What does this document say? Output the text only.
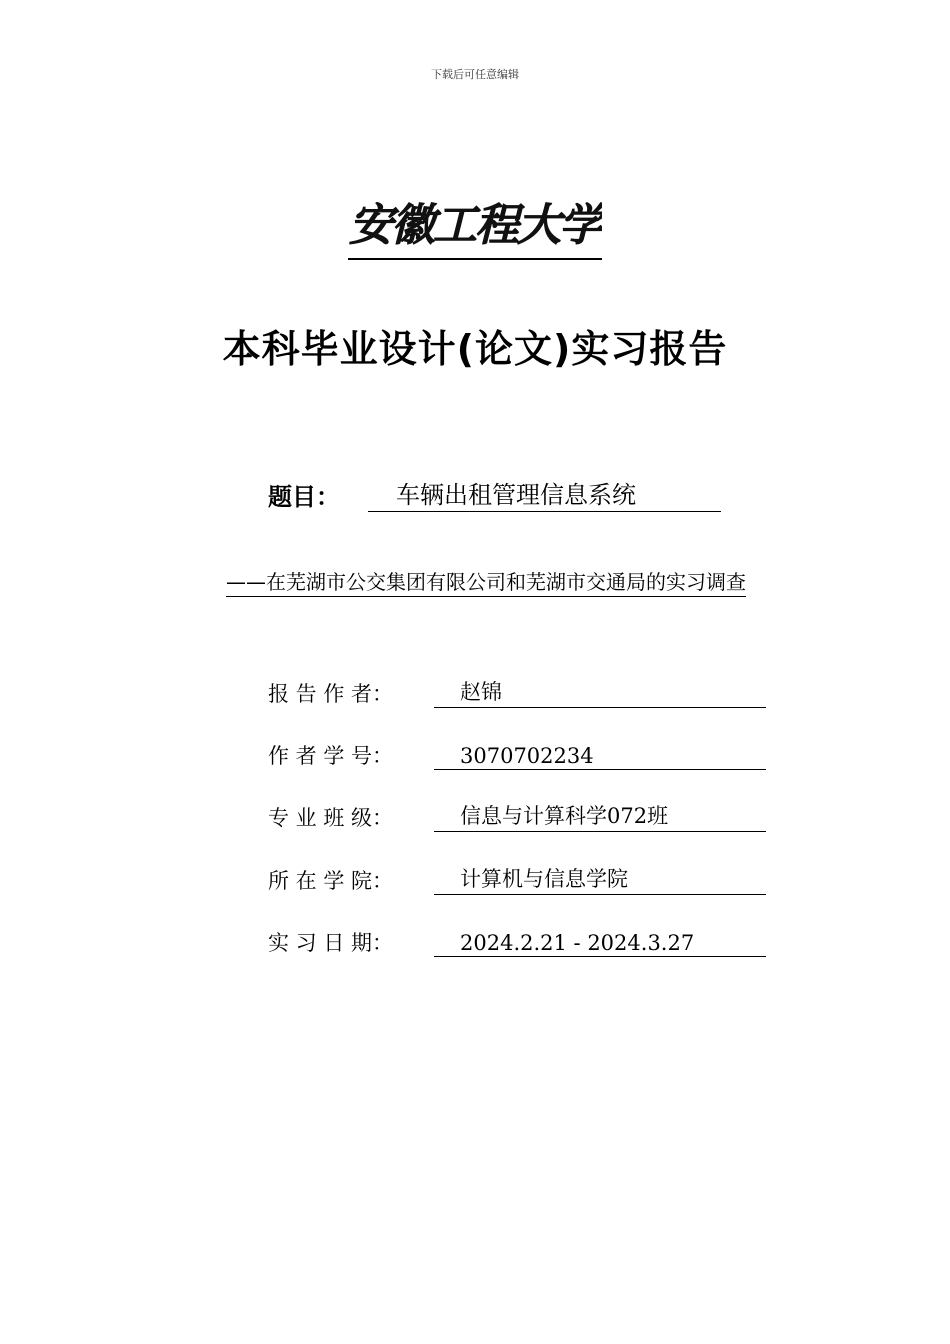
下载后可任意编辑
安徽工程大学
本科毕业设计(论文)实习报告
题目：	车辆出租管理信息系统
——在芜湖市公交集团有限公司和芜湖市交通局的实习调查
报 告 作 者：	赵锦
作 者 学 号：	3070702234
专 业 班 级：	信息与计算科学072班
所 在 学 院：	计算机与信息学院
实 习 日 期：	2024.2.21 - 2024.3.27
